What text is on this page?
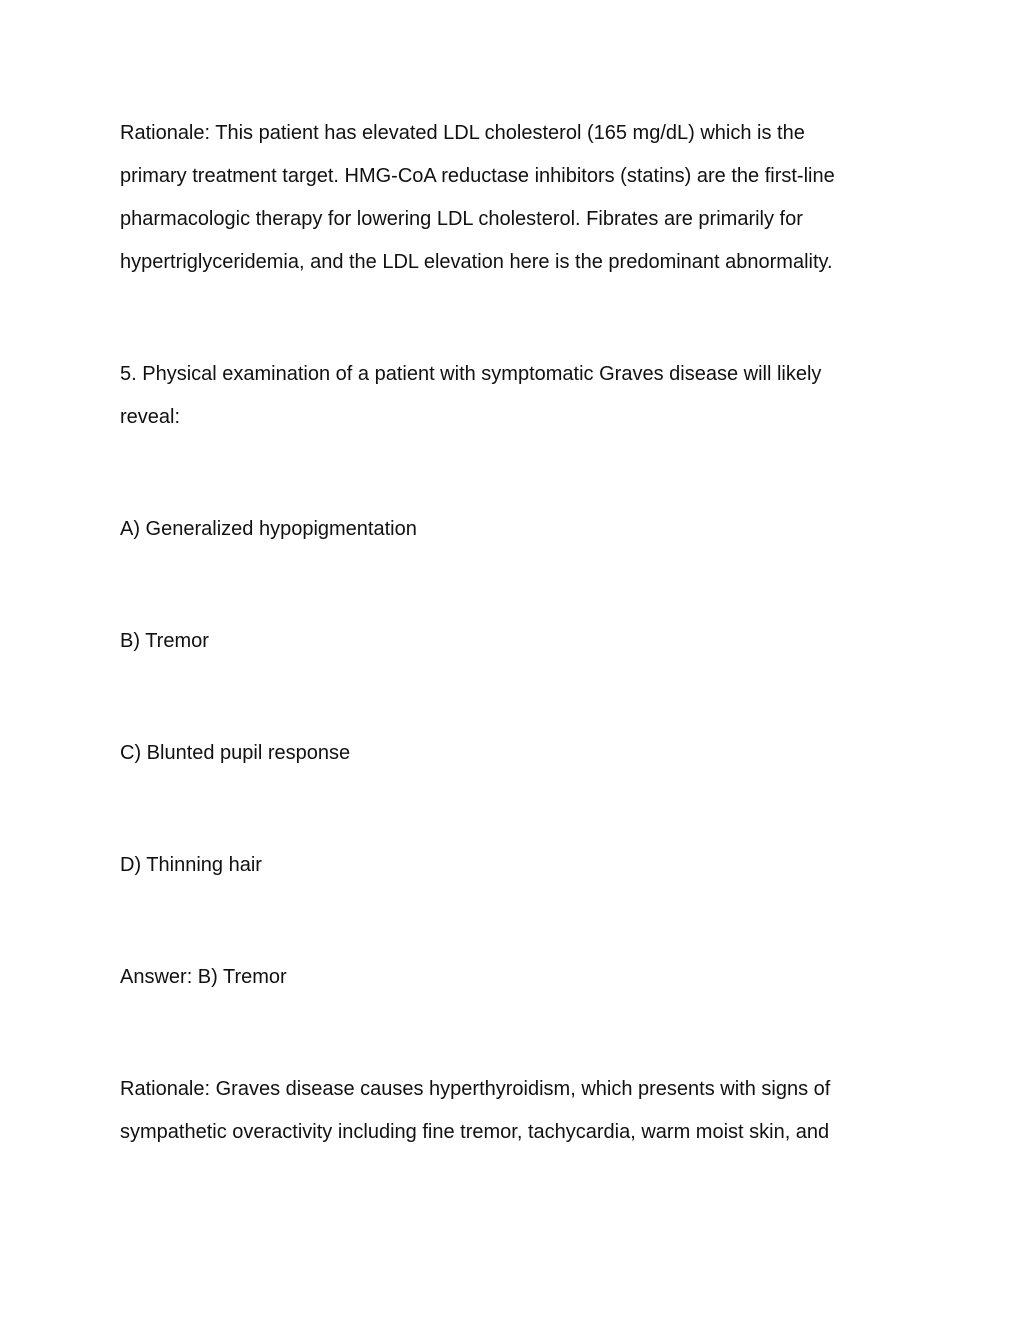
Rationale: This patient has elevated LDL cholesterol (165 mg/dL) which is the
primary treatment target. HMG-CoA reductase inhibitors (statins) are the first-line
pharmacologic therapy for lowering LDL cholesterol. Fibrates are primarily for
hypertriglyceridemia, and the LDL elevation here is the predominant abnormality.

5. Physical examination of a patient with symptomatic Graves disease will likely
reveal:

A) Generalized hypopigmentation

B) Tremor

C) Blunted pupil response

D) Thinning hair

Answer: B) Tremor

Rationale: Graves disease causes hyperthyroidism, which presents with signs of
sympathetic overactivity including fine tremor, tachycardia, warm moist skin, and
